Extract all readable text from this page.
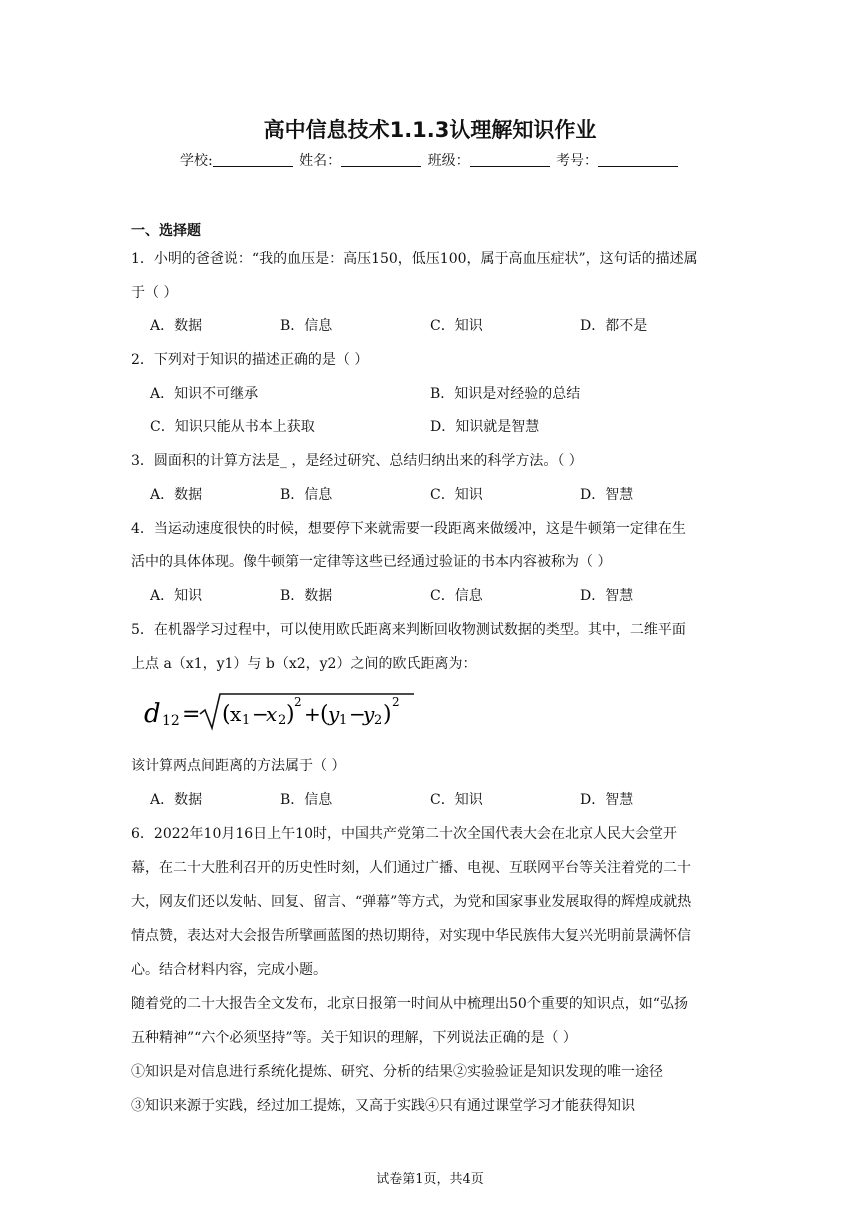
高中信息技术1.1.3认理解知识作业
学校:	姓名：	班级：	考号：
一、选择题
1．小明的爸爸说：“我的血压是：高压150，低压100，属于高血压症状”，这句话的描述属
于（ ）
A．数据	B．信息	C．知识	D．都不是
2．下列对于知识的描述正确的是（ ）
A．知识不可继承	B．知识是对经验的总结
C．知识只能从书本上获取	D．知识就是智慧
3．圆面积的计算方法是_ ，是经过研究、总结归纳出来的科学方法。（ ）
A．数据	B．信息	C．知识	D．智慧
4．当运动速度很快的时候，想要停下来就需要一段距离来做缓冲，这是牛顿第一定律在生
活中的具体体现。像牛顿第一定律等这些已经通过验证的书本内容被称为（ ）
A．知识	B．数据	C．信息	D．智慧
5．在机器学习过程中，可以使用欧氏距离来判断回收物测试数据的类型。其中，二维平面
上点 a（x1，y1）与 b（x2，y2）之间的欧氏距离为：
d 12 = ( x 1 −
x 2 ) 2 + ( y 1 −
y 2 ) 2
该计算两点间距离的方法属于（ ）
A．数据	B．信息	C．知识	D．智慧
6．2022年10月16日上午10时，中国共产党第二十次全国代表大会在北京人民大会堂开
幕，在二十大胜利召开的历史性时刻，人们通过广播、电视、互联网平台等关注着党的二十
大，网友们还以发帖、回复、留言、“弹幕”等方式，为党和国家事业发展取得的辉煌成就热
情点赞，表达对大会报告所擘画蓝图的热切期待，对实现中华民族伟大复兴光明前景满怀信
心。结合材料内容，完成小题。
随着党的二十大报告全文发布，北京日报第一时间从中梳理出50个重要的知识点，如“弘扬
五种精神”“六个必须坚持”等。关于知识的理解，下列说法正确的是（ ）
①知识是对信息进行系统化提炼、研究、分析的结果②实验验证是知识发现的唯一途径
③知识来源于实践，经过加工提炼，又高于实践④只有通过课堂学习才能获得知识
试卷第1页，共4页
